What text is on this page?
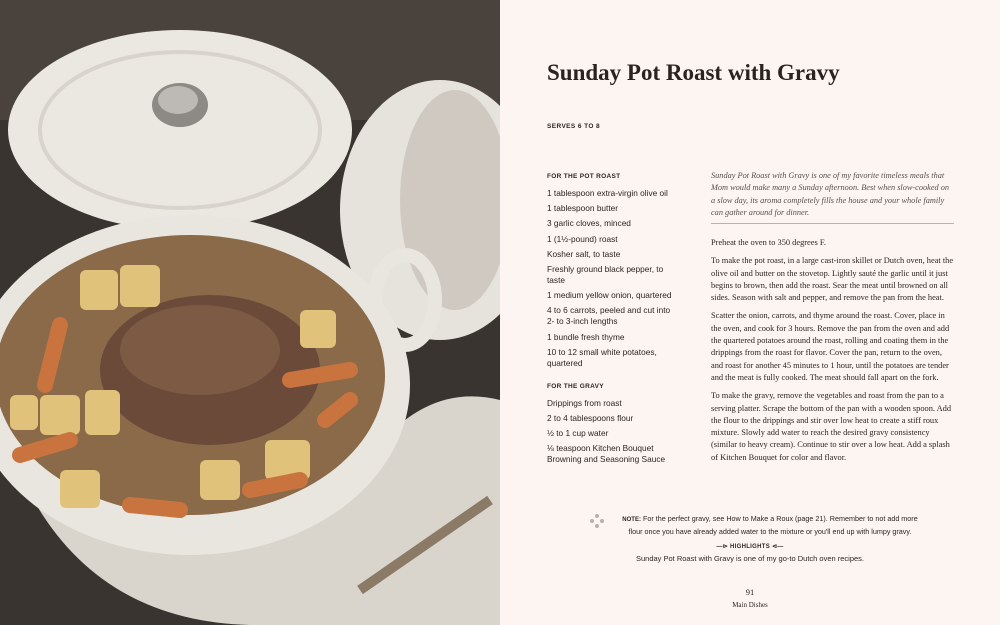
Sunday Pot Roast with Gravy
SERVES 6 TO 8
FOR THE POT ROAST

1 tablespoon extra-virgin olive oil

1 tablespoon butter

3 garlic cloves, minced

1 (1½-pound) roast

Kosher salt, to taste

Freshly ground black pepper, to taste

1 medium yellow onion, quartered

4 to 6 carrots, peeled and cut into 2- to 3-inch lengths

1 bundle fresh thyme

10 to 12 small white potatoes, quartered

FOR THE GRAVY

Drippings from roast

2 to 4 tablespoons flour

½ to 1 cup water

⅛ teaspoon Kitchen Bouquet Browning and Seasoning Sauce

Sunday Pot Roast with Gravy is one of my favorite timeless meals that Mom would make many a Sunday afternoon. Best when slow-cooked on a slow day, its aroma completely fills the house and your whole family can gather around for dinner.

Preheat the oven to 350 degrees F.

To make the pot roast, in a large cast-iron skillet or Dutch oven, heat the olive oil and butter on the stovetop. Lightly sauté the garlic until it just begins to brown, then add the roast. Sear the meat until browned on all sides. Season with salt and pepper, and remove the pan from the heat.

Scatter the onion, carrots, and thyme around the roast. Cover, place in the oven, and cook for 3 hours. Remove the pan from the oven and add the quartered potatoes around the roast, rolling and coating them in the drippings from the roast for flavor. Cover the pan, return to the oven, and roast for another 45 minutes to 1 hour, until the potatoes are tender and the meat is fully cooked. The meat should fall apart on the fork.

To make the gravy, remove the vegetables and roast from the pan to a serving platter. Scrape the bottom of the pan with a wooden spoon. Add the flour to the drippings and stir over low heat to create a stiff roux mixture. Slowly add water to reach the desired gravy consistency (similar to heavy cream). Continue to stir over a low heat. Add a splash of Kitchen Bouquet for color and flavor.

NOTE: For the perfect gravy, see How to Make a Roux (page 21). Remember to not add more flour once you have already added water to the mixture or you'll end up with lumpy gravy.
—⊳ HIGHLIGHTS ⊲—
Sunday Pot Roast with Gravy is one of my go-to Dutch oven recipes.
91
Main Dishes
